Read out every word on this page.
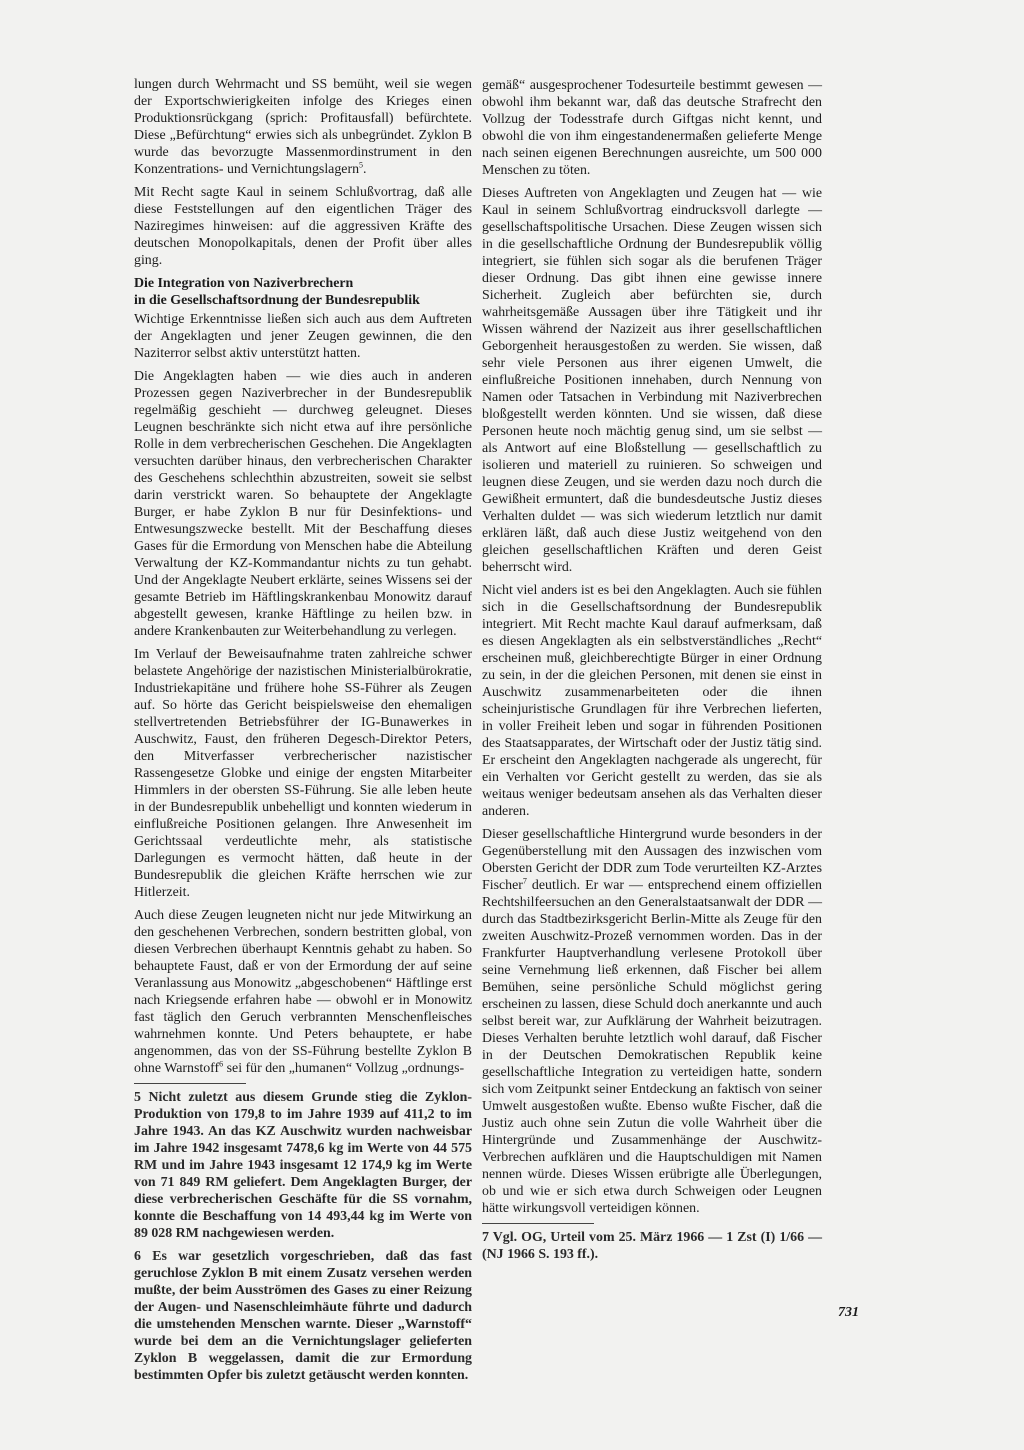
lungen durch Wehrmacht und SS bemüht, weil sie wegen der Exportschwierigkeiten infolge des Krieges einen Produktionsrückgang (sprich: Profitausfall) befürchtete. Diese „Befürchtung“ erwies sich als unbegründet. Zyklon B wurde das bevorzugte Massenmordinstrument in den Konzentrations- und Vernichtungslagern$^5$.

Mit Recht sagte Kaul in seinem Schlußvortrag, daß alle diese Feststellungen auf den eigentlichen Träger des Naziregimes hinweisen: auf die aggressiven Kräfte des deutschen Monopolkapitals, denen der Profit über alles ging.

Die Integration von Naziverbrechern
in die Gesellschaftsordnung der Bundesrepublik

Wichtige Erkenntnisse ließen sich auch aus dem Auftreten der Angeklagten und jener Zeugen gewinnen, die den Naziterror selbst aktiv unterstützt hatten.

Die Angeklagten haben — wie dies auch in anderen Prozessen gegen Naziverbrecher in der Bundesrepublik regelmäßig geschieht — durchweg geleugnet. Dieses Leugnen beschränkte sich nicht etwa auf ihre persönliche Rolle in dem verbrecherischen Geschehen. Die Angeklagten versuchten darüber hinaus, den verbrecherischen Charakter des Geschehens schlechthin abzustreiten, soweit sie selbst darin verstrickt waren. So behauptete der Angeklagte Burger, er habe Zyklon B nur für Desinfektions- und Entwesungszwecke bestellt. Mit der Beschaffung dieses Gases für die Ermordung von Menschen habe die Abteilung Verwaltung der KZ-Kommandantur nichts zu tun gehabt. Und der Angeklagte Neubert erklärte, seines Wissens sei der gesamte Betrieb im Häftlingskrankenbau Monowitz darauf abgestellt gewesen, kranke Häftlinge zu heilen bzw. in andere Krankenbauten zur Weiterbehandlung zu verlegen.

Im Verlauf der Beweisaufnahme traten zahlreiche schwer belastete Angehörige der nazistischen Ministerialbürokratie, Industriekapitäne und frühere hohe SS-Führer als Zeugen auf. So hörte das Gericht beispielsweise den ehemaligen stellvertretenden Betriebsführer der IG-Bunawerkes in Auschwitz, Faust, den früheren Degesch-Direktor Peters, den Mitverfasser verbrecherischer nazistischer Rassengesetze Globke und einige der engsten Mitarbeiter Himmlers in der obersten SS-Führung. Sie alle leben heute in der Bundesrepublik unbehelligt und konnten wiederum in einflußreiche Positionen gelangen. Ihre Anwesenheit im Gerichtssaal verdeutlichte mehr, als statistische Darlegungen es vermocht hätten, daß heute in der Bundesrepublik die gleichen Kräfte herrschen wie zur Hitlerzeit.

Auch diese Zeugen leugneten nicht nur jede Mitwirkung an den geschehenen Verbrechen, sondern bestritten global, von diesen Verbrechen überhaupt Kenntnis gehabt zu haben. So behauptete Faust, daß er von der Ermordung der auf seine Veranlassung aus Monowitz „abgeschobenen“ Häftlinge erst nach Kriegsende erfahren habe — obwohl er in Monowitz fast täglich den Geruch verbrannten Menschenfleisches wahrnehmen konnte. Und Peters behauptete, er habe angenommen, das von der SS-Führung bestellte Zyklon B ohne Warnstoff$^6$ sei für den „humanen“ Vollzug „ordnungs-

5 Nicht zuletzt aus diesem Grunde stieg die Zyklon-Produktion von 179,8 to im Jahre 1939 auf 411,2 to im Jahre 1943. An das KZ Auschwitz wurden nachweisbar im Jahre 1942 insgesamt 7478,6 kg im Werte von 44 575 RM und im Jahre 1943 insgesamt 12 174,9 kg im Werte von 71 849 RM geliefert. Dem Angeklagten Burger, der diese verbrecherischen Geschäfte für die SS vornahm, konnte die Beschaffung von 14 493,44 kg im Werte von 89 028 RM nachgewiesen werden.

6 Es war gesetzlich vorgeschrieben, daß das fast geruchlose Zyklon B mit einem Zusatz versehen werden mußte, der beim Ausströmen des Gases zu einer Reizung der Augen- und Nasenschleimhäute führte und dadurch die umstehenden Menschen warnte. Dieser „Warnstoff“ wurde bei dem an die Vernichtungslager gelieferten Zyklon B weggelassen, damit die zur Ermordung bestimmten Opfer bis zuletzt getäuscht werden konnten.

gemäß“ ausgesprochener Todesurteile bestimmt gewesen — obwohl ihm bekannt war, daß das deutsche Strafrecht den Vollzug der Todesstrafe durch Giftgas nicht kennt, und obwohl die von ihm eingestandenermaßen gelieferte Menge nach seinen eigenen Berechnungen ausreichte, um 500 000 Menschen zu töten.

Dieses Auftreten von Angeklagten und Zeugen hat — wie Kaul in seinem Schlußvortrag eindrucksvoll darlegte — gesellschaftspolitische Ursachen. Diese Zeugen wissen sich in die gesellschaftliche Ordnung der Bundesrepublik völlig integriert, sie fühlen sich sogar als die berufenen Träger dieser Ordnung. Das gibt ihnen eine gewisse innere Sicherheit. Zugleich aber befürchten sie, durch wahrheitsgemäße Aussagen über ihre Tätigkeit und ihr Wissen während der Nazizeit aus ihrer gesellschaftlichen Geborgenheit herausgestoßen zu werden. Sie wissen, daß sehr viele Personen aus ihrer eigenen Umwelt, die einflußreiche Positionen innehaben, durch Nennung von Namen oder Tatsachen in Verbindung mit Naziverbrechen bloßgestellt werden könnten. Und sie wissen, daß diese Personen heute noch mächtig genug sind, um sie selbst — als Antwort auf eine Bloßstellung — gesellschaftlich zu isolieren und materiell zu ruinieren. So schweigen und leugnen diese Zeugen, und sie werden dazu noch durch die Gewißheit ermuntert, daß die bundesdeutsche Justiz dieses Verhalten duldet — was sich wiederum letztlich nur damit erklären läßt, daß auch diese Justiz weitgehend von den gleichen gesellschaftlichen Kräften und deren Geist beherrscht wird.

Nicht viel anders ist es bei den Angeklagten. Auch sie fühlen sich in die Gesellschaftsordnung der Bundesrepublik integriert. Mit Recht machte Kaul darauf aufmerksam, daß es diesen Angeklagten als ein selbstverständliches „Recht“ erscheinen muß, gleichberechtigte Bürger in einer Ordnung zu sein, in der die gleichen Personen, mit denen sie einst in Auschwitz zusammenarbeiteten oder die ihnen scheinjuristische Grundlagen für ihre Verbrechen lieferten, in voller Freiheit leben und sogar in führenden Positionen des Staatsapparates, der Wirtschaft oder der Justiz tätig sind. Er erscheint den Angeklagten nachgerade als ungerecht, für ein Verhalten vor Gericht gestellt zu werden, das sie als weitaus weniger bedeutsam ansehen als das Verhalten dieser anderen.

Dieser gesellschaftliche Hintergrund wurde besonders in der Gegenüberstellung mit den Aussagen des inzwischen vom Obersten Gericht der DDR zum Tode verurteilten KZ-Arztes Fischer$^7$ deutlich. Er war — entsprechend einem offiziellen Rechtshilfeersuchen an den Generalstaatsanwalt der DDR — durch das Stadtbezirksgericht Berlin-Mitte als Zeuge für den zweiten Auschwitz-Prozeß vernommen worden. Das in der Frankfurter Hauptverhandlung verlesene Protokoll über seine Vernehmung ließ erkennen, daß Fischer bei allem Bemühen, seine persönliche Schuld möglichst gering erscheinen zu lassen, diese Schuld doch anerkannte und auch selbst bereit war, zur Aufklärung der Wahrheit beizutragen. Dieses Verhalten beruhte letztlich wohl darauf, daß Fischer in der Deutschen Demokratischen Republik keine gesellschaftliche Integration zu verteidigen hatte, sondern sich vom Zeitpunkt seiner Entdeckung an faktisch von seiner Umwelt ausgestoßen wußte. Ebenso wußte Fischer, daß die Justiz auch ohne sein Zutun die volle Wahrheit über die Hintergründe und Zusammenhänge der Auschwitz-Verbrechen aufklären und die Hauptschuldigen mit Namen nennen würde. Dieses Wissen erübrigte alle Überlegungen, ob und wie er sich etwa durch Schweigen oder Leugnen hätte wirkungsvoll verteidigen können.

7 Vgl. OG, Urteil vom 25. März 1966 — 1 Zst (I) 1/66 — (NJ 1966 S. 193 ff.).

731
